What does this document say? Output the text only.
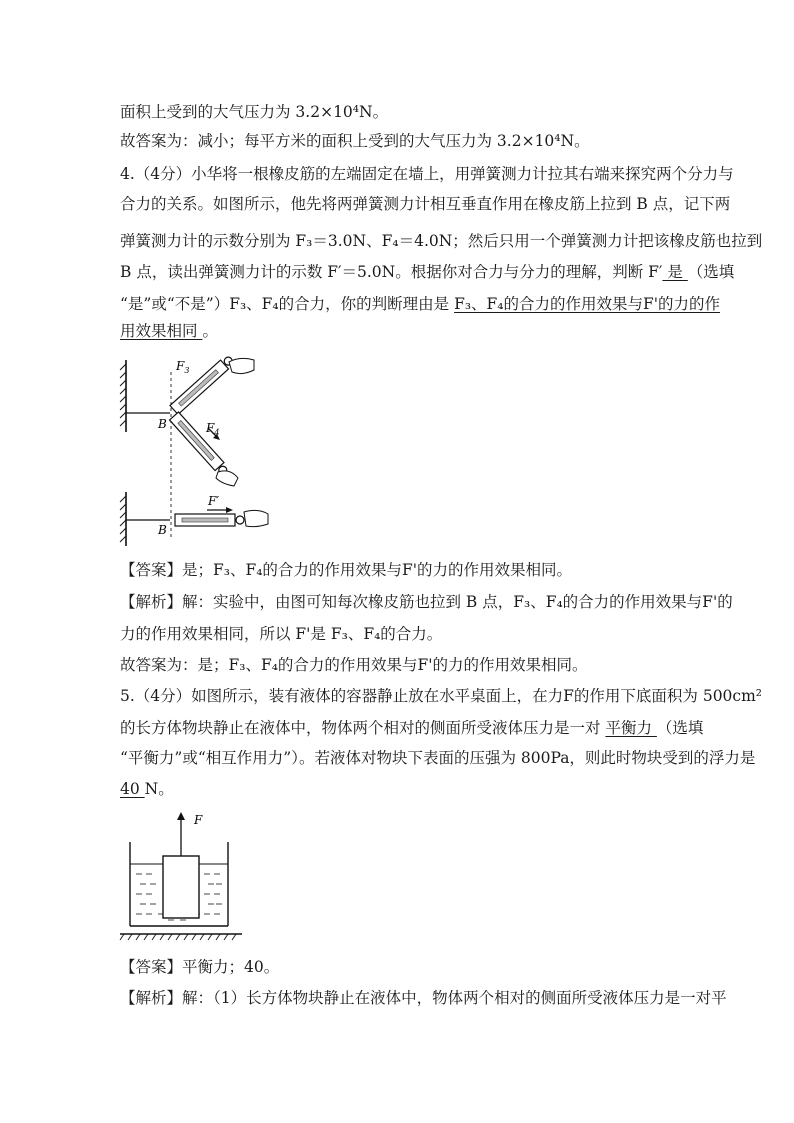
面积上受到的大气压力为 3.2×10⁴N。
故答案为：减小；每平方米的面积上受到的大气压力为 3.2×10⁴N。
4.（4分）小华将一根橡皮筋的左端固定在墙上，用弹簧测力计拉其右端来探究两个分力与
合力的关系。如图所示，他先将两弹簧测力计相互垂直作用在橡皮筋上拉到 B 点，记下两
弹簧测力计的示数分别为 F₃＝3.0N、F₄＝4.0N；然后只用一个弹簧测力计把该橡皮筋也拉到
B 点，读出弹簧测力计的示数 F′＝5.0N。根据你对合力与分力的理解，判断 F′ 是 （选填
“是”或“不是”）F₃、F₄的合力，你的判断理由是 F₃、F₄的合力的作用效果与F'的力的作
用效果相同 。
$F_3$
$F_4$
F′
B
B
【答案】是；F₃、F₄的合力的作用效果与F'的力的作用效果相同。
【解析】解：实验中，由图可知每次橡皮筋也拉到 B 点，F₃、F₄的合力的作用效果与F'的
力的作用效果相同，所以 F'是 F₃、F₄的合力。
故答案为：是；F₃、F₄的合力的作用效果与F'的力的作用效果相同。
5.（4分）如图所示，装有液体的容器静止放在水平桌面上，在力F的作用下底面积为 500cm²
的长方体物块静止在液体中，物体两个相对的侧面所受液体压力是一对 平衡力 （选填
“平衡力”或“相互作用力”）。若液体对物块下表面的压强为 800Pa，则此时物块受到的浮力是
40 N。
F
【答案】平衡力；40。
【解析】解：（1）长方体物块静止在液体中，物体两个相对的侧面所受液体压力是一对平
